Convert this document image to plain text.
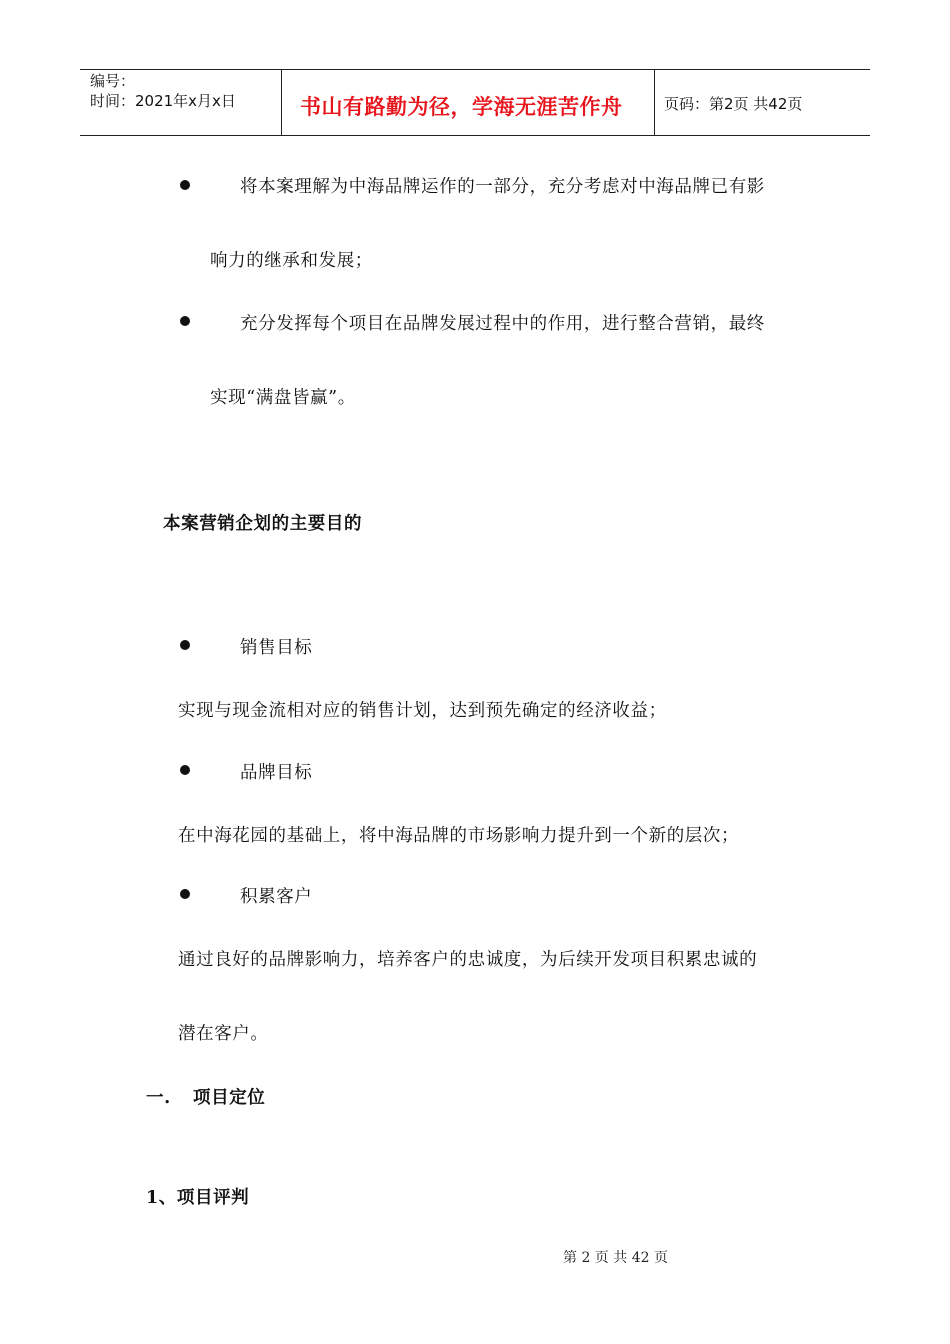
编号：
时间：2021年x月x日	书山有路勤为径，学海无涯苦作舟	页码：第2页 共42页
将本案理解为中海品牌运作的一部分，充分考虑对中海品牌已有影
响力的继承和发展；
充分发挥每个项目在品牌发展过程中的作用，进行整合营销，最终
实现“满盘皆赢”。
本案营销企划的主要目的
销售目标
实现与现金流相对应的销售计划，达到预先确定的经济收益；
品牌目标
在中海花园的基础上，将中海品牌的市场影响力提升到一个新的层次；
积累客户
通过良好的品牌影响力，培养客户的忠诚度，为后续开发项目积累忠诚的
潜在客户。
一. 项目定位
1、项目评判
第 2 页 共 42 页
